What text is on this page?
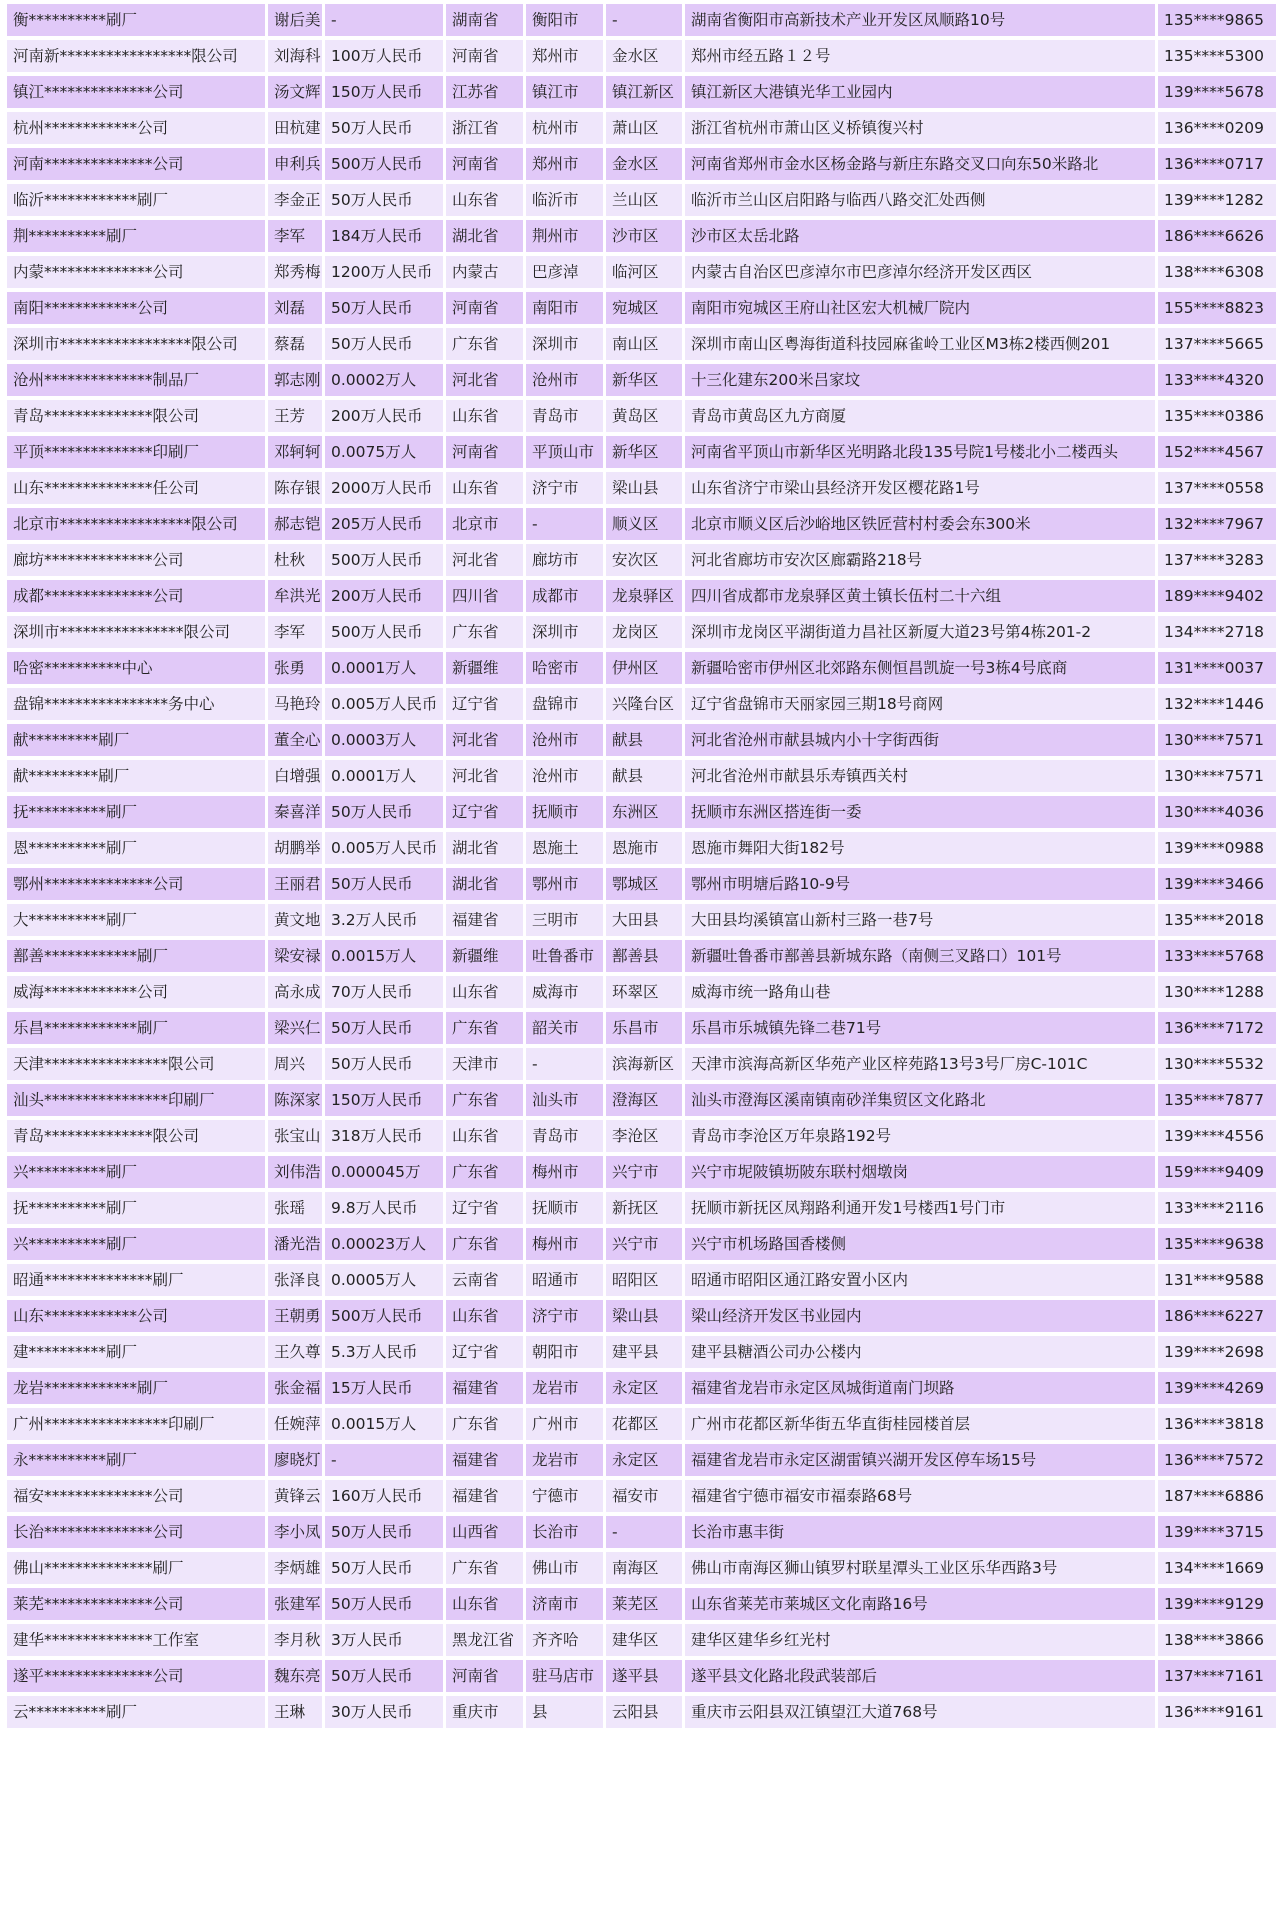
衡**********刷厂	谢后美	-	湖南省	衡阳市	-	湖南省衡阳市高新技术产业开发区凤顺路10号	135****9865
河南新*****************限公司	刘海科	100万人民币	河南省	郑州市	金水区	郑州市经五路１２号	135****5300
镇江**************公司	汤文辉	150万人民币	江苏省	镇江市	镇江新区	镇江新区大港镇光华工业园内	139****5678
杭州************公司	田杭建	50万人民币	浙江省	杭州市	萧山区	浙江省杭州市萧山区义桥镇復兴村	136****0209
河南**************公司	申利兵	500万人民币	河南省	郑州市	金水区	河南省郑州市金水区杨金路与新庄东路交叉口向东50米路北	136****0717
临沂************刷厂	李金正	50万人民币	山东省	临沂市	兰山区	临沂市兰山区启阳路与临西八路交汇处西侧	139****1282
荆**********刷厂	李军	184万人民币	湖北省	荆州市	沙市区	沙市区太岳北路	186****6626
内蒙**************公司	郑秀梅	1200万人民币	内蒙古	巴彦淖	临河区	内蒙古自治区巴彦淖尔市巴彦淖尔经济开发区西区	138****6308
南阳************公司	刘磊	50万人民币	河南省	南阳市	宛城区	南阳市宛城区王府山社区宏大机械厂院内	155****8823
深圳市*****************限公司	蔡磊	50万人民币	广东省	深圳市	南山区	深圳市南山区粤海街道科技园麻雀岭工业区M3栋2楼西侧201	137****5665
沧州**************制品厂	郭志刚	0.0002万人	河北省	沧州市	新华区	十三化建东200米吕家坟	133****4320
青岛**************限公司	王芳	200万人民币	山东省	青岛市	黄岛区	青岛市黄岛区九方商厦	135****0386
平顶**************印刷厂	邓轲轲	0.0075万人	河南省	平顶山市	新华区	河南省平顶山市新华区光明路北段135号院1号楼北小二楼西头	152****4567
山东**************任公司	陈存银	2000万人民币	山东省	济宁市	梁山县	山东省济宁市梁山县经济开发区樱花路1号	137****0558
北京市*****************限公司	郝志铠	205万人民币	北京市	-	顺义区	北京市顺义区后沙峪地区铁匠营村村委会东300米	132****7967
廊坊**************公司	杜秋	500万人民币	河北省	廊坊市	安次区	河北省廊坊市安次区廊霸路218号	137****3283
成都**************公司	牟洪光	200万人民币	四川省	成都市	龙泉驿区	四川省成都市龙泉驿区黄土镇长伍村二十六组	189****9402
深圳市****************限公司	李军	500万人民币	广东省	深圳市	龙岗区	深圳市龙岗区平湖街道力昌社区新厦大道23号第4栋201-2	134****2718
哈密**********中心	张勇	0.0001万人	新疆维	哈密市	伊州区	新疆哈密市伊州区北郊路东侧恒昌凯旋一号3栋4号底商	131****0037
盘锦****************务中心	马艳玲	0.005万人民币	辽宁省	盘锦市	兴隆台区	辽宁省盘锦市天丽家园三期18号商网	132****1446
献*********刷厂	董全心	0.0003万人	河北省	沧州市	献县	河北省沧州市献县城内小十字街西街	130****7571
献*********刷厂	白增强	0.0001万人	河北省	沧州市	献县	河北省沧州市献县乐寿镇西关村	130****7571
抚**********刷厂	秦喜洋	50万人民币	辽宁省	抚顺市	东洲区	抚顺市东洲区搭连街一委	130****4036
恩**********刷厂	胡鹏举	0.005万人民币	湖北省	恩施土	恩施市	恩施市舞阳大街182号	139****0988
鄂州**************公司	王丽君	50万人民币	湖北省	鄂州市	鄂城区	鄂州市明塘后路10-9号	139****3466
大**********刷厂	黄文地	3.2万人民币	福建省	三明市	大田县	大田县均溪镇富山新村三路一巷7号	135****2018
鄯善************刷厂	梁安禄	0.0015万人	新疆维	吐鲁番市	鄯善县	新疆吐鲁番市鄯善县新城东路（南侧三叉路口）101号	133****5768
威海************公司	高永成	70万人民币	山东省	威海市	环翠区	威海市统一路角山巷	130****1288
乐昌************刷厂	梁兴仁	50万人民币	广东省	韶关市	乐昌市	乐昌市乐城镇先锋二巷71号	136****7172
天津****************限公司	周兴	50万人民币	天津市	-	滨海新区	天津市滨海高新区华苑产业区梓苑路13号3号厂房C-101C	130****5532
汕头****************印刷厂	陈深家	150万人民币	广东省	汕头市	澄海区	汕头市澄海区溪南镇南砂洋集贸区文化路北	135****7877
青岛**************限公司	张宝山	318万人民币	山东省	青岛市	李沧区	青岛市李沧区万年泉路192号	139****4556
兴**********刷厂	刘伟浩	0.000045万	广东省	梅州市	兴宁市	兴宁市坭陂镇坜陂东联村烟墩岗	159****9409
抚**********刷厂	张瑶	9.8万人民币	辽宁省	抚顺市	新抚区	抚顺市新抚区凤翔路利通开发1号楼西1号门市	133****2116
兴**********刷厂	潘光浩	0.00023万人	广东省	梅州市	兴宁市	兴宁市机场路国香楼侧	135****9638
昭通**************刷厂	张泽良	0.0005万人	云南省	昭通市	昭阳区	昭通市昭阳区通江路安置小区内	131****9588
山东************公司	王朝勇	500万人民币	山东省	济宁市	梁山县	梁山经济开发区书业园内	186****6227
建**********刷厂	王久尊	5.3万人民币	辽宁省	朝阳市	建平县	建平县糖酒公司办公楼内	139****2698
龙岩************刷厂	张金福	15万人民币	福建省	龙岩市	永定区	福建省龙岩市永定区凤城街道南门坝路	139****4269
广州****************印刷厂	任婉萍	0.0015万人	广东省	广州市	花都区	广州市花都区新华街五华直街桂园楼首层	136****3818
永**********刷厂	廖晓灯	-	福建省	龙岩市	永定区	福建省龙岩市永定区湖雷镇兴湖开发区停车场15号	136****7572
福安**************公司	黄锋云	160万人民币	福建省	宁德市	福安市	福建省宁德市福安市福泰路68号	187****6886
长治**************公司	李小凤	50万人民币	山西省	长治市	-	长治市惠丰街	139****3715
佛山**************刷厂	李炳雄	50万人民币	广东省	佛山市	南海区	佛山市南海区狮山镇罗村联星潭头工业区乐华西路3号	134****1669
莱芜**************公司	张建军	50万人民币	山东省	济南市	莱芜区	山东省莱芜市莱城区文化南路16号	139****9129
建华**************工作室	李月秋	3万人民币	黑龙江省	齐齐哈	建华区	建华区建华乡红光村	138****3866
遂平**************公司	魏东亮	50万人民币	河南省	驻马店市	遂平县	遂平县文化路北段武装部后	137****7161
云**********刷厂	王琳	30万人民币	重庆市	县	云阳县	重庆市云阳县双江镇望江大道768号	136****9161
